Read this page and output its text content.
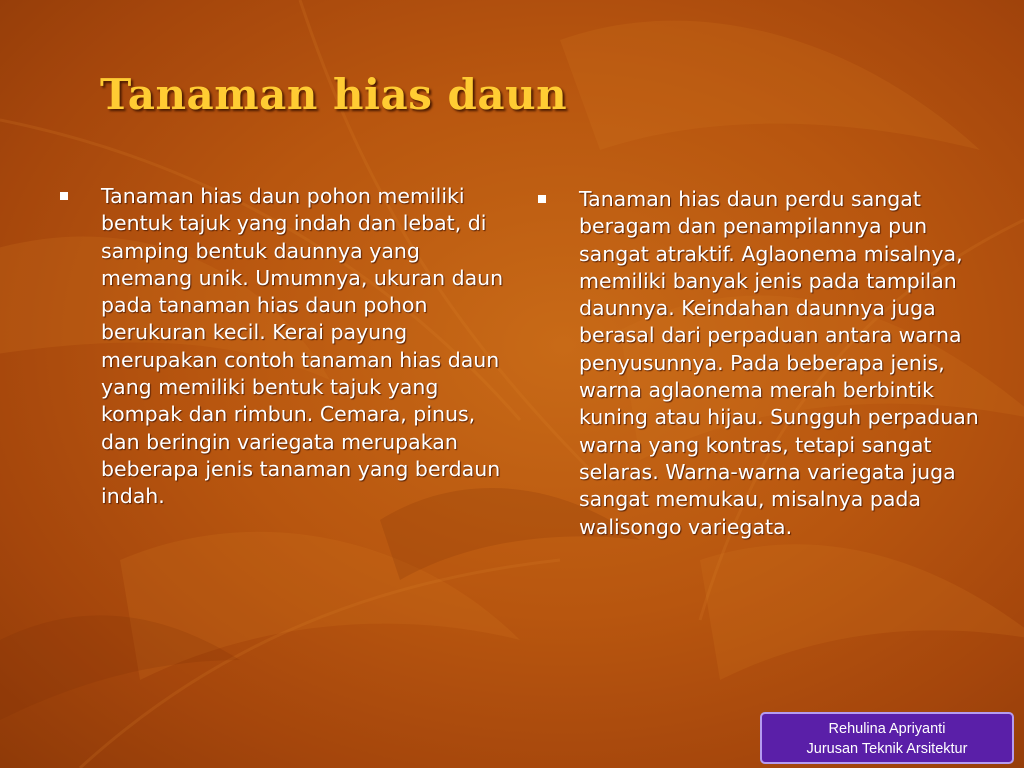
Tanaman hias daun
Tanaman hias daun pohon memiliki bentuk tajuk yang indah dan lebat, di samping bentuk daunnya yang memang unik. Umumnya, ukuran daun pada tanaman hias daun pohon berukuran kecil. Kerai payung merupakan contoh tanaman hias daun yang memiliki bentuk tajuk yang kompak dan rimbun. Cemara, pinus, dan beringin variegata merupakan beberapa jenis tanaman yang berdaun indah.
Tanaman hias daun perdu sangat beragam dan penampilannya pun sangat atraktif. Aglaonema misalnya, memiliki banyak jenis pada tampilan daunnya. Keindahan daunnya juga berasal dari perpaduan antara warna penyusunnya. Pada beberapa jenis, warna aglaonema merah berbintik kuning atau hijau. Sungguh perpaduan warna yang kontras, tetapi sangat selaras. Warna-warna variegata juga sangat memukau, misalnya pada walisongo variegata.
Rehulina Apriyanti
Jurusan Teknik Arsitektur
